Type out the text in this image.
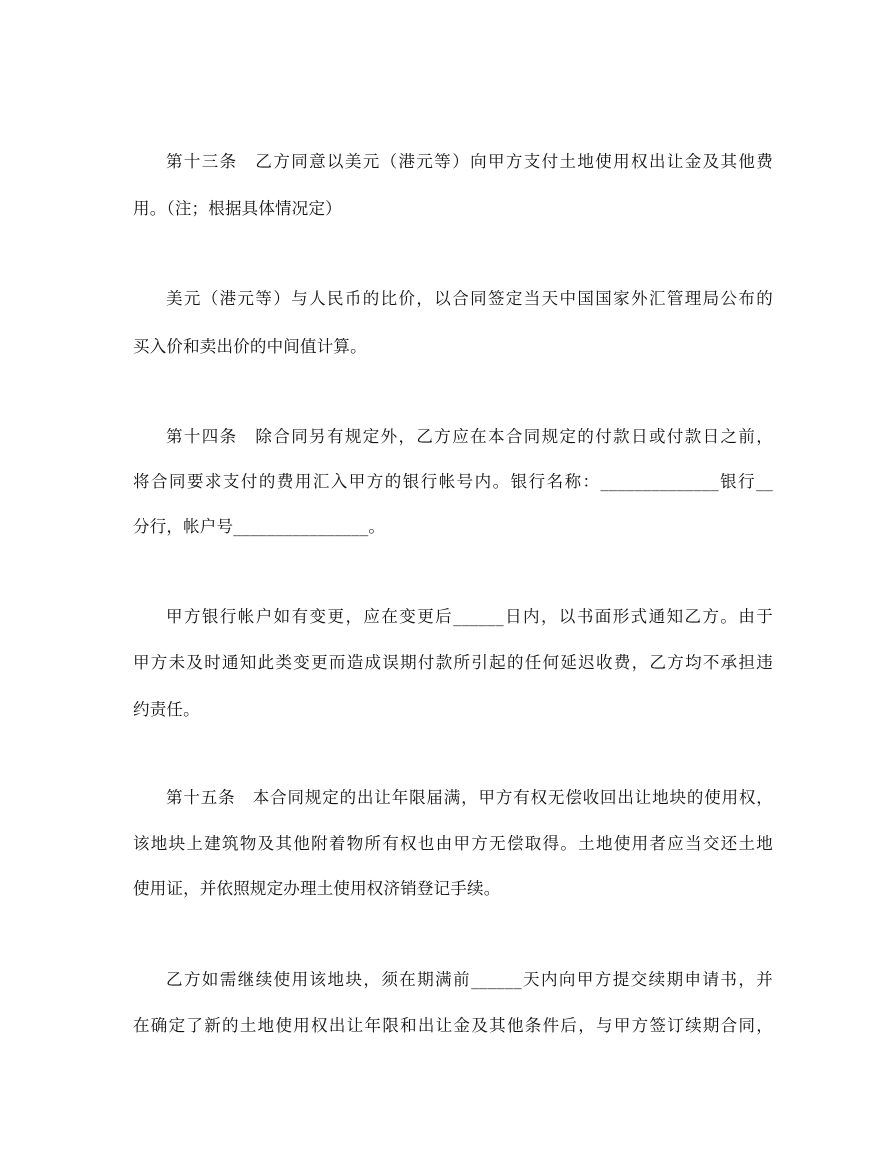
第十三条　乙方同意以美元（港元等）向甲方支付土地使用权出让金及其他费
用。（注；根据具体情况定）
美元（港元等）与人民币的比价，以合同签定当天中国国家外汇管理局公布的
买入价和卖出价的中间值计算。
第十四条　除合同另有规定外，乙方应在本合同规定的付款日或付款日之前，
将合同要求支付的费用汇入甲方的银行帐号内。银行名称：______________银行__
分行，帐户号________________。
甲方银行帐户如有变更，应在变更后______日内，以书面形式通知乙方。由于
甲方未及时通知此类变更而造成误期付款所引起的任何延迟收费，乙方均不承担违
约责任。
第十五条　本合同规定的出让年限届满，甲方有权无偿收回出让地块的使用权，
该地块上建筑物及其他附着物所有权也由甲方无偿取得。土地使用者应当交还土地
使用证，并依照规定办理土使用权济销登记手续。
乙方如需继续使用该地块，须在期满前______天内向甲方提交续期申请书，并
在确定了新的土地使用权出让年限和出让金及其他条件后，与甲方签订续期合同，
